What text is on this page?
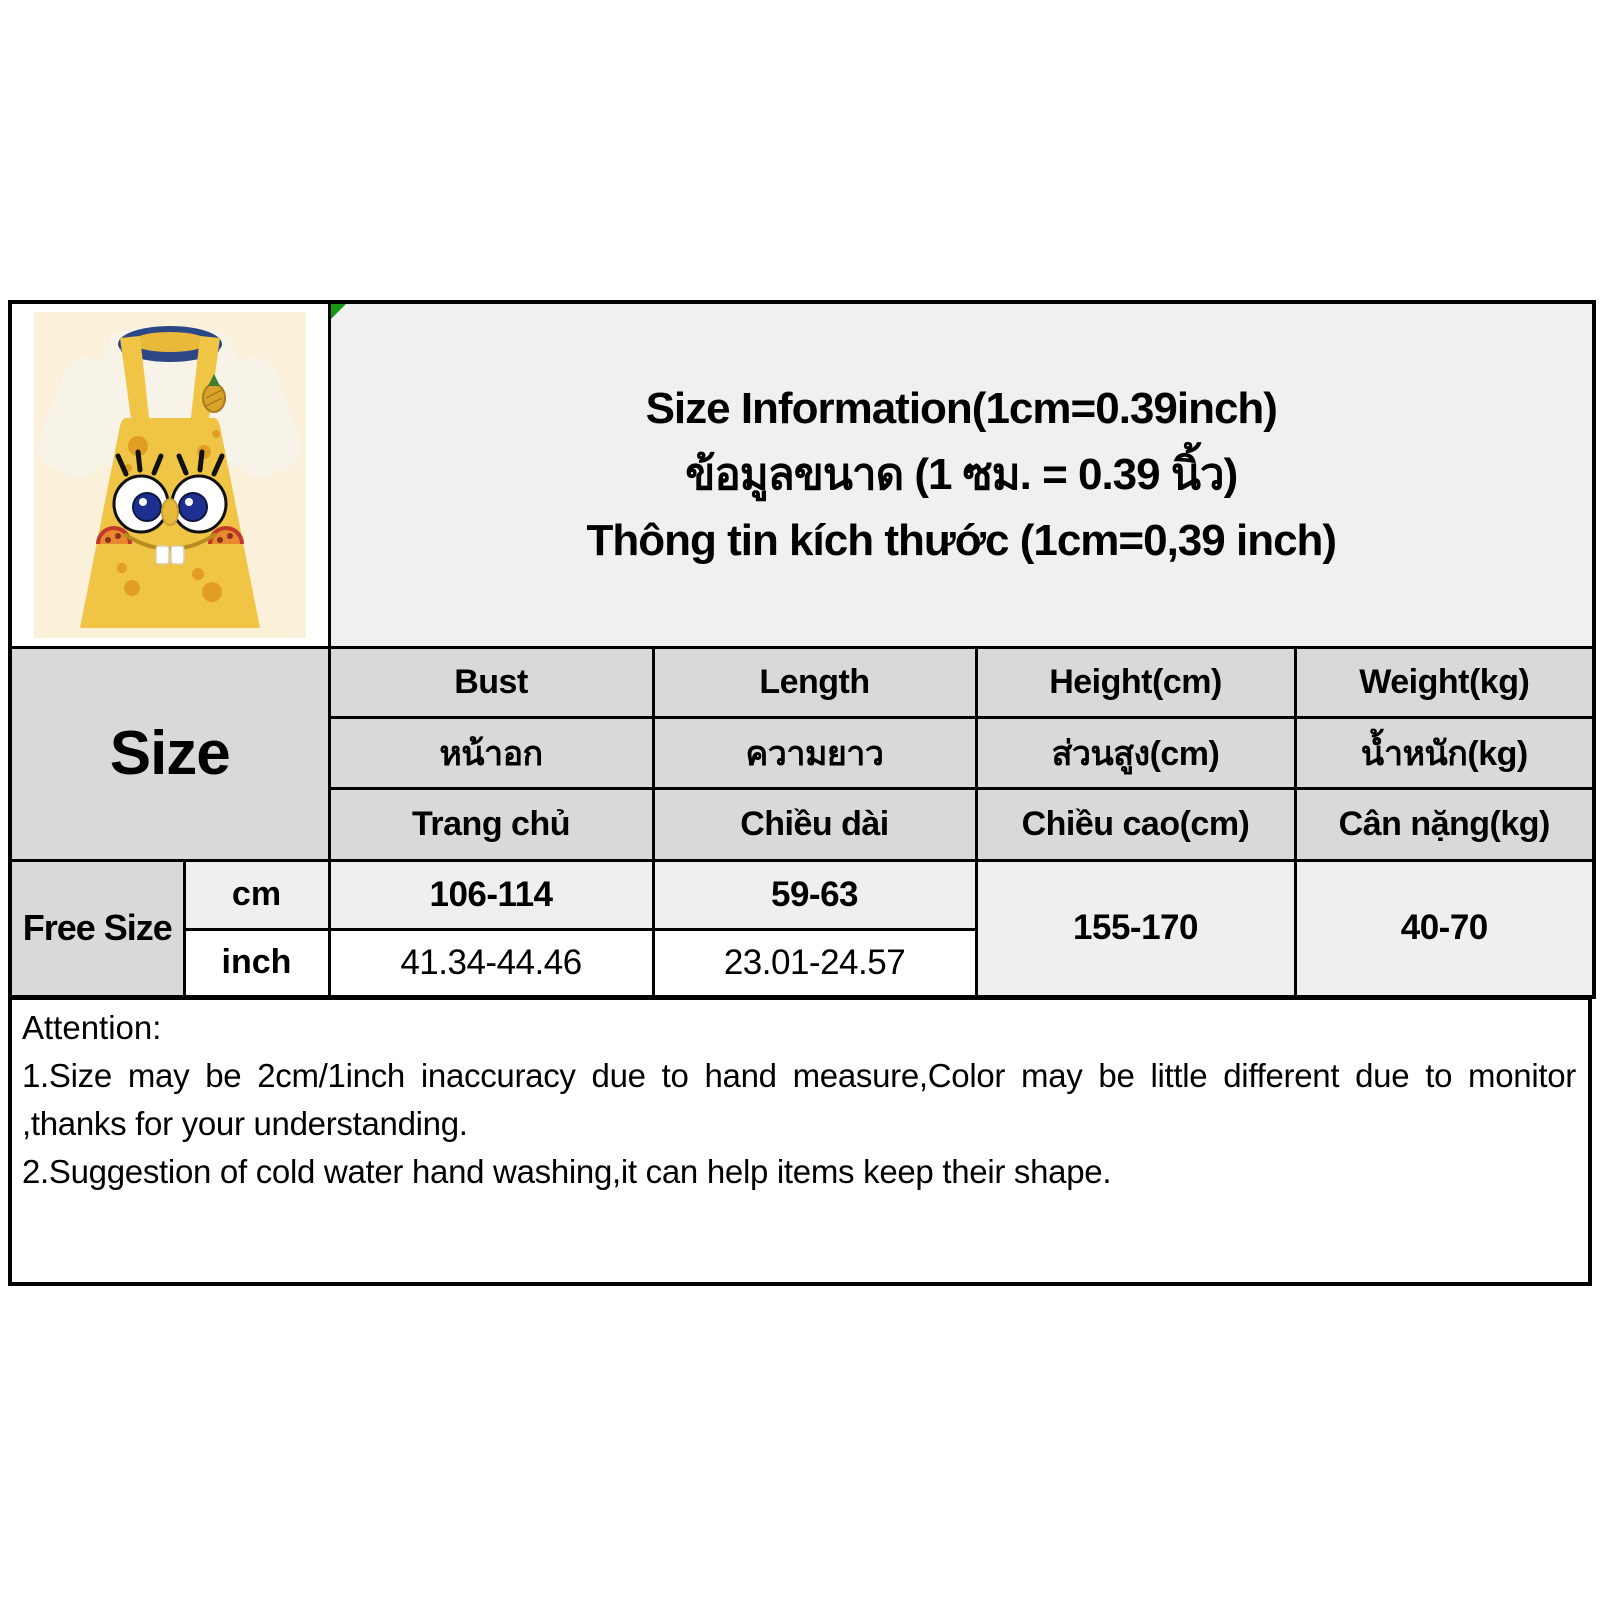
Size Information(1cm=0.39inch)
ข้อมูลขนาด (1 ซม. = 0.39 นิ้ว)
Thông tin kích thước (1cm=0,39 inch)			

Size		Bust	Length	Height(cm)	Weight(kg)
		หน้าอก	ความยาว	ส่วนสูง(cm)	น้ำหนัก(kg)
		Trang chủ	Chiều dài	Chiều cao(cm)	Cân nặng(kg)
Free Size	cm	106-114	59-63	155-170	40-70
	inch	41.34-44.46	23.01-24.57		

Attention:

1.Size may be 2cm/1inch inaccuracy due to hand measure,Color may be little different due to monitor ,thanks for your understanding.

2.Suggestion of cold water hand washing,it can help items keep their shape.
